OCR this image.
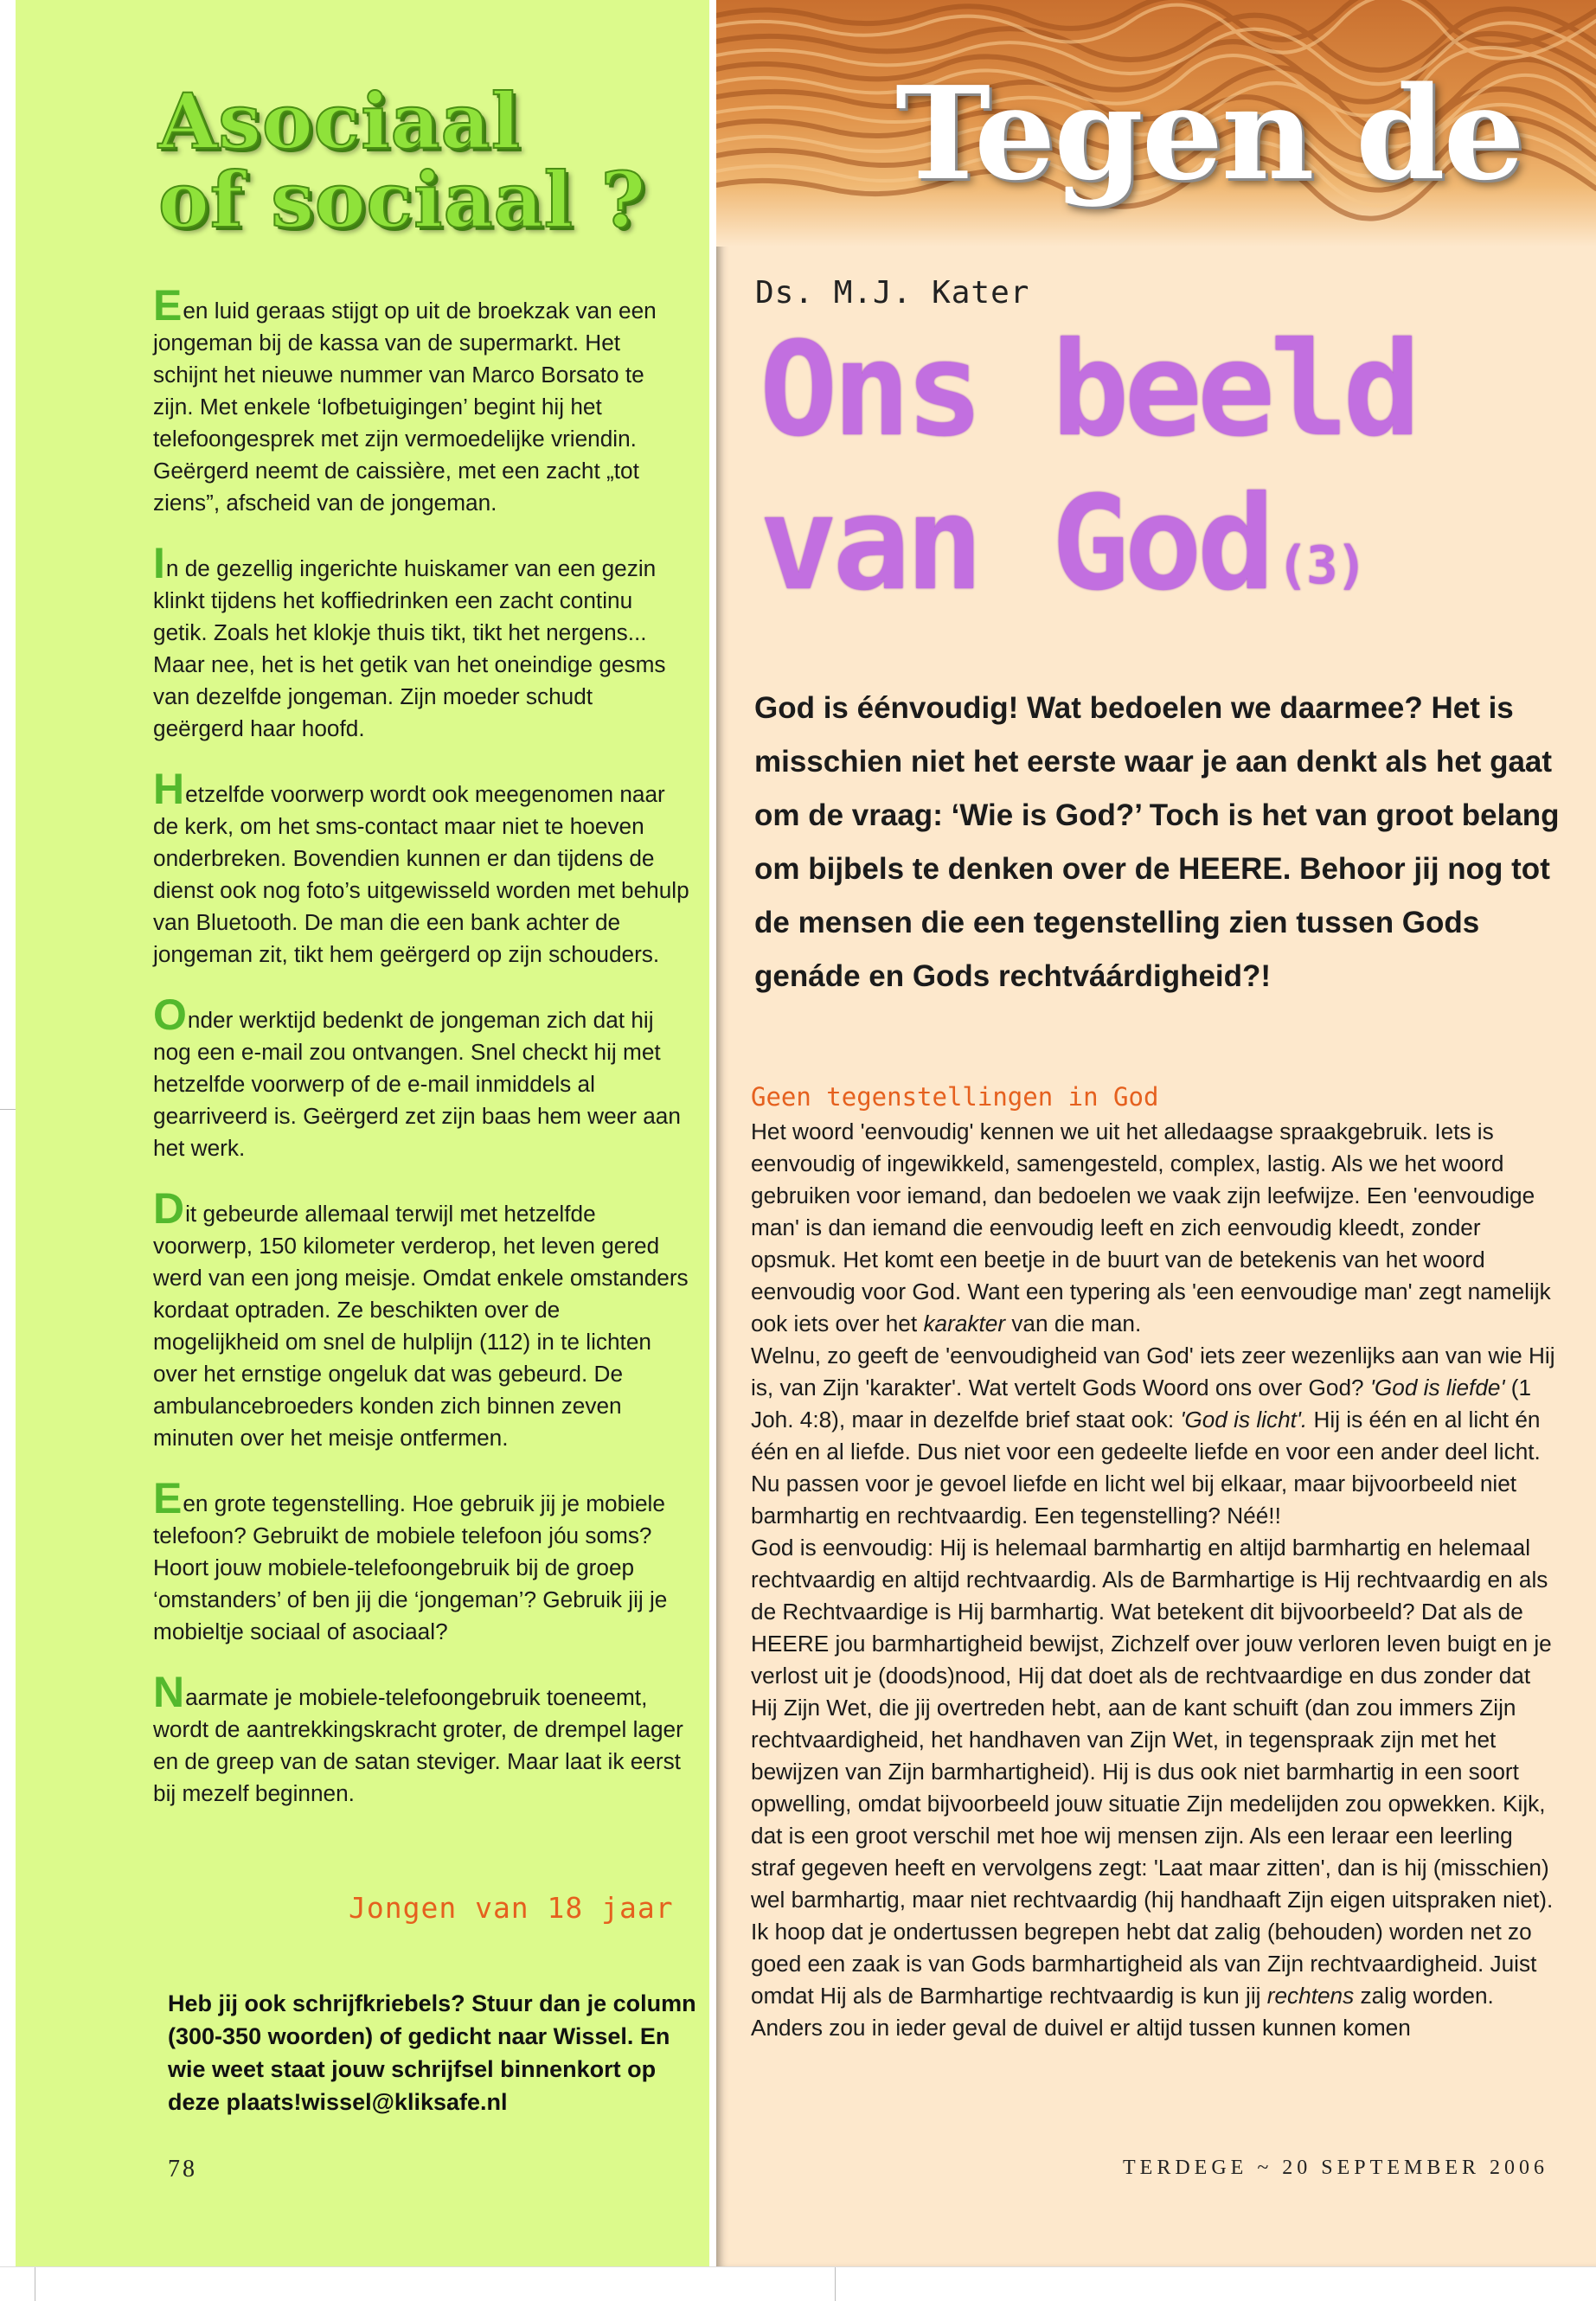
Asociaal
of sociaal ?

Een luid geraas stijgt op uit de broekzak van een jongeman bij de kassa van de supermarkt. Het schijnt het nieuwe nummer van Marco Borsato te zijn. Met enkele ‘lofbetuigingen’ begint hij het telefoongesprek met zijn vermoedelijke vriendin. Geërgerd neemt de caissière, met een zacht „tot ziens”, afscheid van de jongeman.

In de gezellig ingerichte huiskamer van een gezin klinkt tijdens het koffiedrinken een zacht continu getik. Zoals het klokje thuis tikt, tikt het nergens... Maar nee, het is het getik van het oneindige gesms van dezelfde jongeman. Zijn moeder schudt geërgerd haar hoofd.

Hetzelfde voorwerp wordt ook meegenomen naar de kerk, om het sms-contact maar niet te hoeven onderbreken. Bovendien kunnen er dan tijdens de dienst ook nog foto’s uitgewisseld worden met behulp van Bluetooth. De man die een bank achter de jongeman zit, tikt hem geërgerd op zijn schouders.

Onder werktijd bedenkt de jongeman zich dat hij nog een e-mail zou ontvangen. Snel checkt hij met hetzelfde voorwerp of de e-mail inmiddels al gearriveerd is. Geërgerd zet zijn baas hem weer aan het werk.

Dit gebeurde allemaal terwijl met hetzelfde voorwerp, 150 kilometer verderop, het leven gered werd van een jong meisje. Omdat enkele omstanders kordaat optraden. Ze beschikten over de mogelijkheid om snel de hulplijn (112) in te lichten over het ernstige ongeluk dat was gebeurd. De ambulancebroeders konden zich binnen zeven minuten over het meisje ontfermen.

Een grote tegenstelling. Hoe gebruik jij je mobiele telefoon? Gebruikt de mobiele telefoon jóu soms? Hoort jouw mobiele-telefoongebruik bij de groep ‘omstanders’ of ben jij die ‘jongeman’? Gebruik jij je mobieltje sociaal of asociaal?

Naarmate je mobiele-telefoongebruik toeneemt, wordt de aantrekkingskracht groter, de drempel lager en de greep van de satan steviger. Maar laat ik eerst bij mezelf beginnen.

Jongen van 18 jaar
Heb jij ook schrijfkriebels? Stuur dan je column (300-350 woorden) of gedicht naar Wissel. En wie weet staat jouw schrijfsel binnenkort op deze plaats!wissel@kliksafe.nl
78
Tegen de
Ds. M.J. Kater
Ons beeld
van God (3)

God is éénvoudig! Wat bedoelen we daarmee? Het is misschien niet het eerste waar je aan denkt als het gaat om de vraag: ‘Wie is God?’ Toch is het van groot belang om bijbels te denken over de HEERE. Behoor jij nog tot de mensen die een tegenstelling zien tussen Gods genáde en Gods rechtváárdigheid?!

Geen tegenstellingen in God

Het woord 'eenvoudig' kennen we uit het alledaagse spraakgebruik. Iets is eenvoudig of ingewikkeld, samengesteld, complex, lastig. Als we het woord gebruiken voor iemand, dan bedoelen we vaak zijn leefwijze. Een 'eenvoudige man' is dan iemand die eenvoudig leeft en zich eenvoudig kleedt, zonder opsmuk. Het komt een beetje in de buurt van de betekenis van het woord eenvoudig voor God. Want een typering als 'een eenvoudige man' zegt namelijk ook iets over het karakter van die man.

Welnu, zo geeft de 'eenvoudigheid van God' iets zeer wezenlijks aan van wie Hij is, van Zijn 'karakter'. Wat vertelt Gods Woord ons over God? 'God is liefde' (1 Joh. 4:8), maar in dezelfde brief staat ook: 'God is licht'. Hij is één en al licht én één en al liefde. Dus niet voor een gedeelte liefde en voor een ander deel licht. Nu passen voor je gevoel liefde en licht wel bij elkaar, maar bijvoorbeeld niet barmhartig en rechtvaardig. Een tegenstelling? Néé!!

God is eenvoudig: Hij is helemaal barmhartig en altijd barmhartig en helemaal rechtvaardig en altijd rechtvaardig. Als de Barmhartige is Hij rechtvaardig en als de Rechtvaardige is Hij barmhartig. Wat betekent dit bijvoorbeeld? Dat als de HEERE jou barmhartigheid bewijst, Zichzelf over jouw verloren leven buigt en je verlost uit je (doods)nood, Hij dat doet als de rechtvaardige en dus zonder dat Hij Zijn Wet, die jij overtreden hebt, aan de kant schuift (dan zou immers Zijn rechtvaardigheid, het handhaven van Zijn Wet, in tegenspraak zijn met het bewijzen van Zijn barmhartigheid). Hij is dus ook niet barmhartig in een soort opwelling, omdat bijvoorbeeld jouw situatie Zijn medelijden zou opwekken. Kijk, dat is een groot verschil met hoe wij mensen zijn. Als een leraar een leerling straf gegeven heeft en vervolgens zegt: 'Laat maar zitten', dan is hij (misschien) wel barmhartig, maar niet rechtvaardig (hij handhaaft Zijn eigen uitspraken niet). Ik hoop dat je ondertussen begrepen hebt dat zalig (behouden) worden net zo goed een zaak is van Gods barmhartigheid als van Zijn rechtvaardigheid. Juist omdat Hij als de Barmhartige rechtvaardig is kun jij rechtens zalig worden. Anders zou in ieder geval de duivel er altijd tussen kunnen komen

TERDEGE ~ 20 SEPTEMBER 2006
